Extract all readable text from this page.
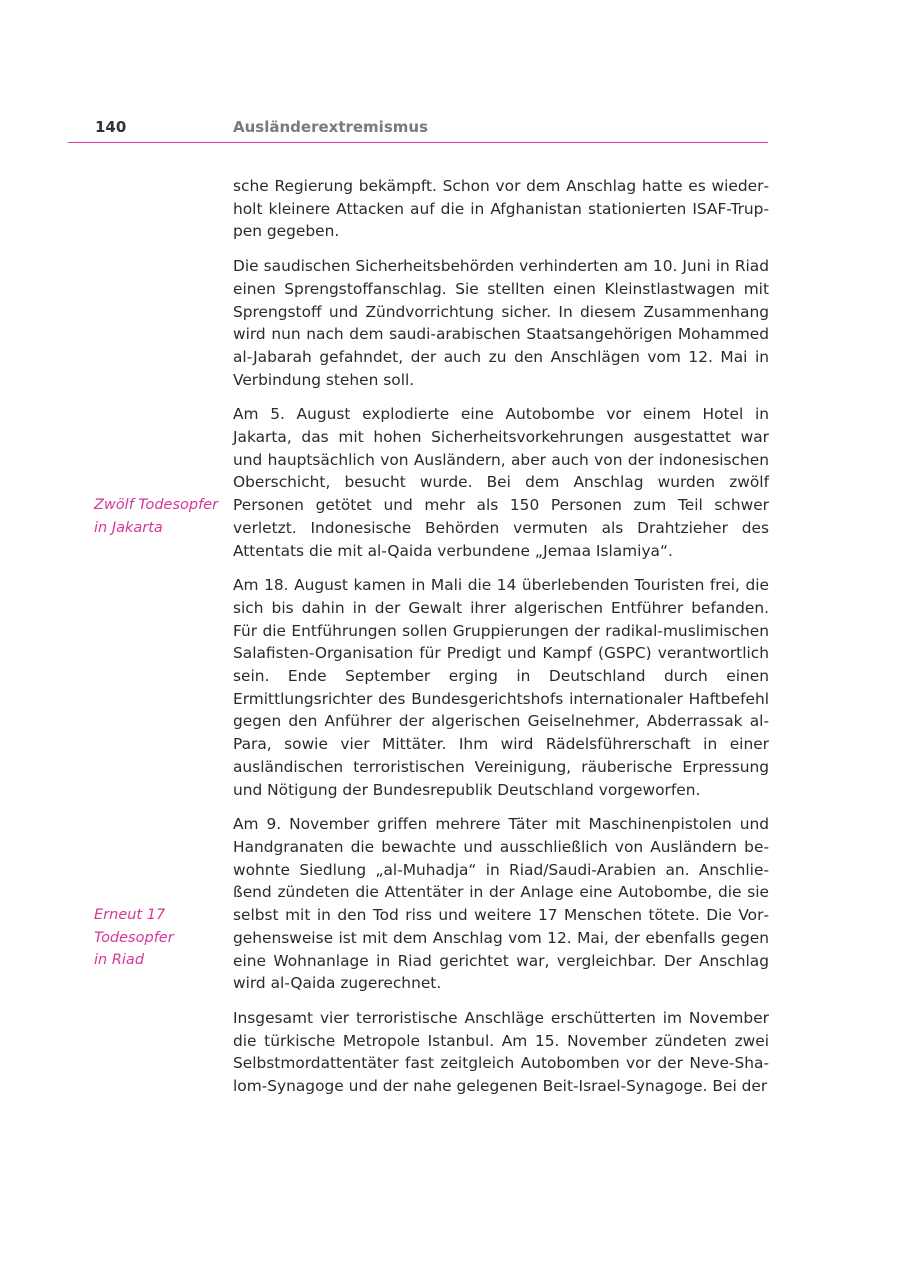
140	Ausländerextremismus
Zwölf Todesopfer
in Jakarta
Erneut 17
Todesopfer
in Riad

sche Regierung bekämpft. Schon vor dem Anschlag hatte es wiederholt kleinere Attacken auf die in Afghanistan stationierten ISAF-Truppen gegeben.

Die saudischen Sicherheitsbehörden verhinderten am 10. Juni in Riad einen Sprengstoffanschlag. Sie stellten einen Kleinstlastwagen mit Sprengstoff und Zündvorrichtung sicher. In diesem Zusammenhang wird nun nach dem saudi-arabischen Staatsangehörigen Mohammed al-Jabarah gefahndet, der auch zu den Anschlägen vom 12. Mai in Verbindung stehen soll.

Am 5. August explodierte eine Autobombe vor einem Hotel in Jakarta, das mit hohen Sicherheitsvorkehrungen ausgestattet war und hauptsächlich von Ausländern, aber auch von der indonesischen Oberschicht, besucht wurde. Bei dem Anschlag wurden zwölf Personen getötet und mehr als 150 Personen zum Teil schwer verletzt. Indonesische Behörden vermuten als Drahtzieher des Attentats die mit al-Qaida verbundene „Jemaa Islamiya“.

Am 18. August kamen in Mali die 14 überlebenden Touristen frei, die sich bis dahin in der Gewalt ihrer algerischen Entführer befanden. Für die Entführungen sollen Gruppierungen der radikal-muslimischen Salafisten-Organisation für Predigt und Kampf (GSPC) verantwortlich sein. Ende September erging in Deutschland durch einen Ermittlungsrichter des Bundesgerichtshofs internationaler Haftbefehl gegen den Anführer der algerischen Geiselnehmer, Abderrassak al-Para, sowie vier Mittäter. Ihm wird Rädelsführerschaft in einer ausländischen terroristischen Vereinigung, räuberische Erpressung und Nötigung der Bundesrepublik Deutschland vorgeworfen.

Am 9. November griffen mehrere Täter mit Maschinenpistolen und Handgranaten die bewachte und ausschließlich von Ausländern bewohnte Siedlung „al-Muhadja“ in Riad/Saudi-Arabien an. Anschließend zündeten die Attentäter in der Anlage eine Autobombe, die sie selbst mit in den Tod riss und weitere 17 Menschen tötete. Die Vorgehensweise ist mit dem Anschlag vom 12. Mai, der ebenfalls gegen eine Wohnanlage in Riad gerichtet war, vergleichbar. Der Anschlag wird al-Qaida zugerechnet.

Insgesamt vier terroristische Anschläge erschütterten im November die türkische Metropole Istanbul. Am 15. November zündeten zwei Selbstmordattentäter fast zeitgleich Autobomben vor der Neve-Shalom-Synagoge und der nahe gelegenen Beit-Israel-Synagoge. Bei der
